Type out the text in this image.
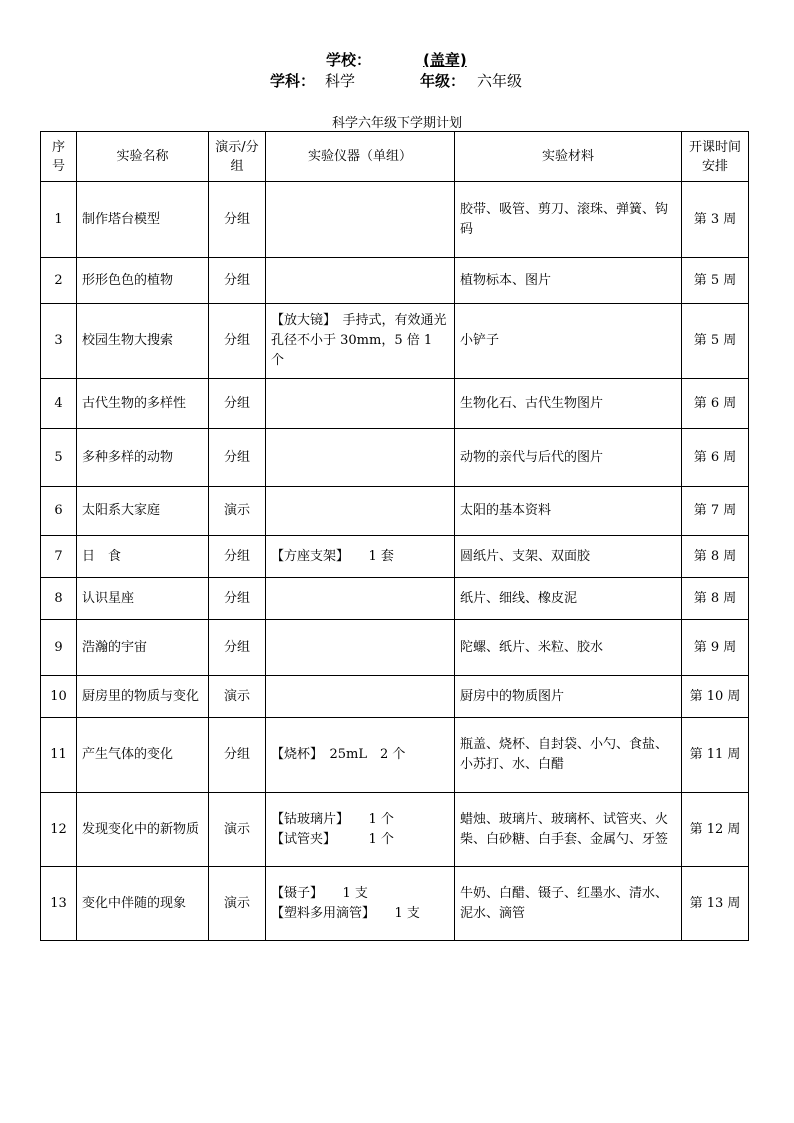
学校：	(盖章)
学科： 科学	年级： 六年级
科学六年级下学期计划
序号	实验名称	演示/分组	实验仪器（单组）	实验材料	开课时间安排
1	制作塔台模型	分组		胶带、吸管、剪刀、滚珠、弹簧、钩码	第 3 周
2	形形色色的植物	分组		植物标本、图片	第 5 周
3	校园生物大搜索	分组	【放大镜】　手持式，有效通光孔径不小于 30mm，5 倍 1 个	小铲子	第 5 周
4	古代生物的多样性	分组		生物化石、古代生物图片	第 6 周
5	多种多样的动物	分组		动物的亲代与后代的图片	第 6 周
6	太阳系大家庭	演示		太阳的基本资料	第 7 周
7	日　食	分组	【方座支架】　　1 套	圆纸片、支架、双面胶	第 8 周
8	认识星座	分组		纸片、细线、橡皮泥	第 8 周
9	浩瀚的宇宙	分组		陀螺、纸片、米粒、胶水	第 9 周
10	厨房里的物质与变化	演示		厨房中的物质图片	第 10 周
11	产生气体的变化	分组	【烧杯】　25mL　2 个	瓶盖、烧杯、自封袋、小勺、食盐、小苏打、水、白醋	第 11 周
12	发现变化中的新物质	演示	【钴玻璃片】　　1 个
【试管夹】　　　1 个	蜡烛、玻璃片、玻璃杯、试管夹、火柴、白砂糖、白手套、金属勺、牙签	第 12 周
13	变化中伴随的现象	演示	【镊子】　　1 支
【塑料多用滴管】　　1 支	牛奶、白醋、镊子、红墨水、清水、泥水、滴管	第 13 周
